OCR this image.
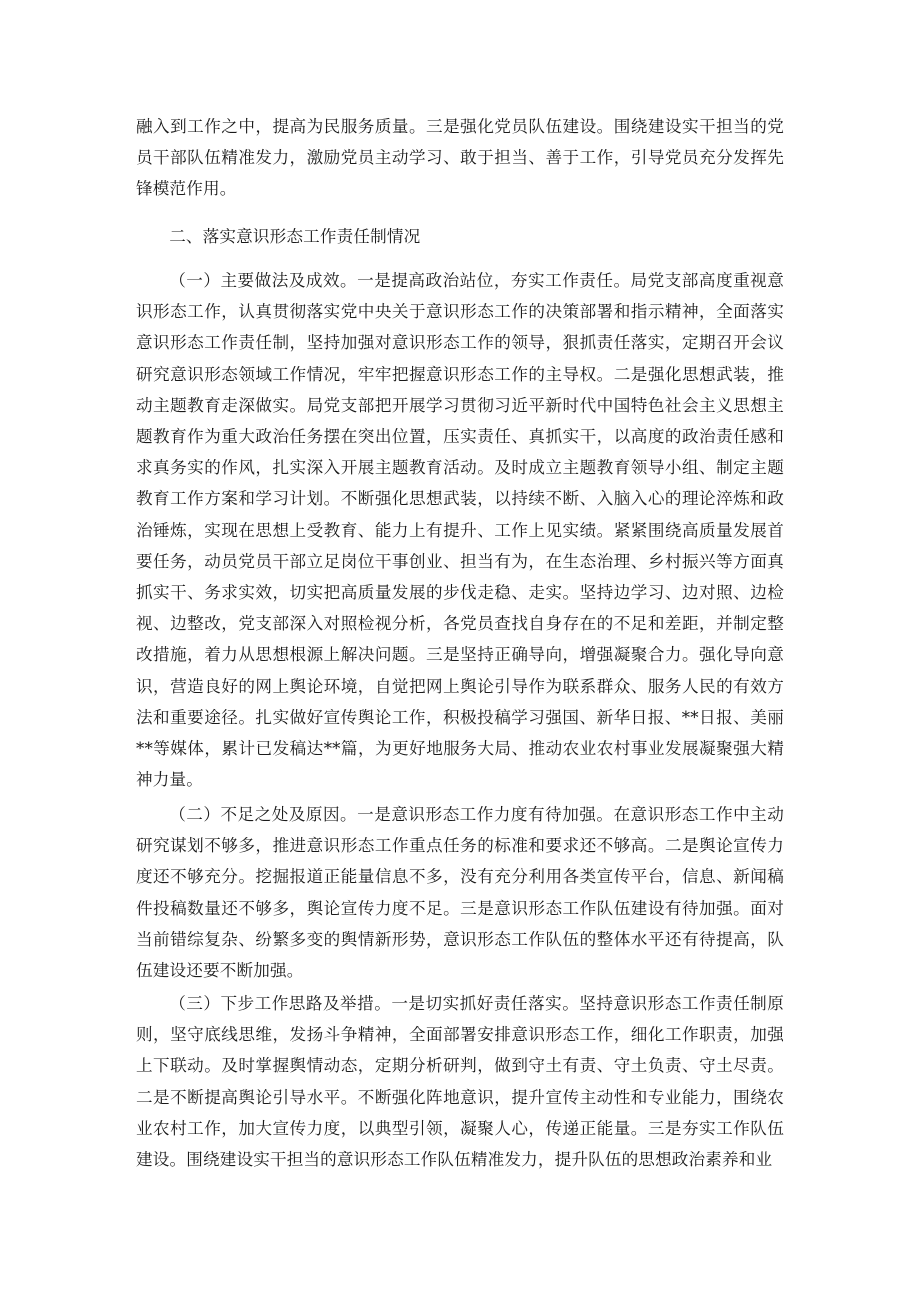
融入到工作之中，提高为民服务质量。三是强化党员队伍建设。围绕建设实干担当的党员干部队伍精准发力，激励党员主动学习、敢于担当、善于工作，引导党员充分发挥先锋模范作用。

二、落实意识形态工作责任制情况

（一）主要做法及成效。一是提高政治站位，夯实工作责任。局党支部高度重视意识形态工作，认真贯彻落实党中央关于意识形态工作的决策部署和指示精神，全面落实意识形态工作责任制，坚持加强对意识形态工作的领导，狠抓责任落实，定期召开会议研究意识形态领域工作情况，牢牢把握意识形态工作的主导权。二是强化思想武装，推动主题教育走深做实。局党支部把开展学习贯彻习近平新时代中国特色社会主义思想主题教育作为重大政治任务摆在突出位置，压实责任、真抓实干，以高度的政治责任感和求真务实的作风，扎实深入开展主题教育活动。及时成立主题教育领导小组、制定主题教育工作方案和学习计划。不断强化思想武装，以持续不断、入脑入心的理论淬炼和政治锤炼，实现在思想上受教育、能力上有提升、工作上见实绩。紧紧围绕高质量发展首要任务，动员党员干部立足岗位干事创业、担当有为，在生态治理、乡村振兴等方面真抓实干、务求实效，切实把高质量发展的步伐走稳、走实。坚持边学习、边对照、边检视、边整改，党支部深入对照检视分析，各党员查找自身存在的不足和差距，并制定整改措施，着力从思想根源上解决问题。三是坚持正确导向，增强凝聚合力。强化导向意识，营造良好的网上舆论环境，自觉把网上舆论引导作为联系群众、服务人民的有效方法和重要途径。扎实做好宣传舆论工作，积极投稿学习强国、新华日报、**日报、美丽**等媒体，累计已发稿达**篇，为更好地服务大局、推动农业农村事业发展凝聚强大精神力量。

（二）不足之处及原因。一是意识形态工作力度有待加强。在意识形态工作中主动研究谋划不够多，推进意识形态工作重点任务的标准和要求还不够高。二是舆论宣传力度还不够充分。挖掘报道正能量信息不多，没有充分利用各类宣传平台，信息、新闻稿件投稿数量还不够多，舆论宣传力度不足。三是意识形态工作队伍建设有待加强。面对当前错综复杂、纷繁多变的舆情新形势，意识形态工作队伍的整体水平还有待提高，队伍建设还要不断加强。

（三）下步工作思路及举措。一是切实抓好责任落实。坚持意识形态工作责任制原则，坚守底线思维，发扬斗争精神，全面部署安排意识形态工作，细化工作职责，加强上下联动。及时掌握舆情动态，定期分析研判，做到守土有责、守土负责、守土尽责。二是不断提高舆论引导水平。不断强化阵地意识，提升宣传主动性和专业能力，围绕农业农村工作，加大宣传力度，以典型引领，凝聚人心，传递正能量。三是夯实工作队伍建设。围绕建设实干担当的意识形态工作队伍精准发力，提升队伍的思想政治素养和业
